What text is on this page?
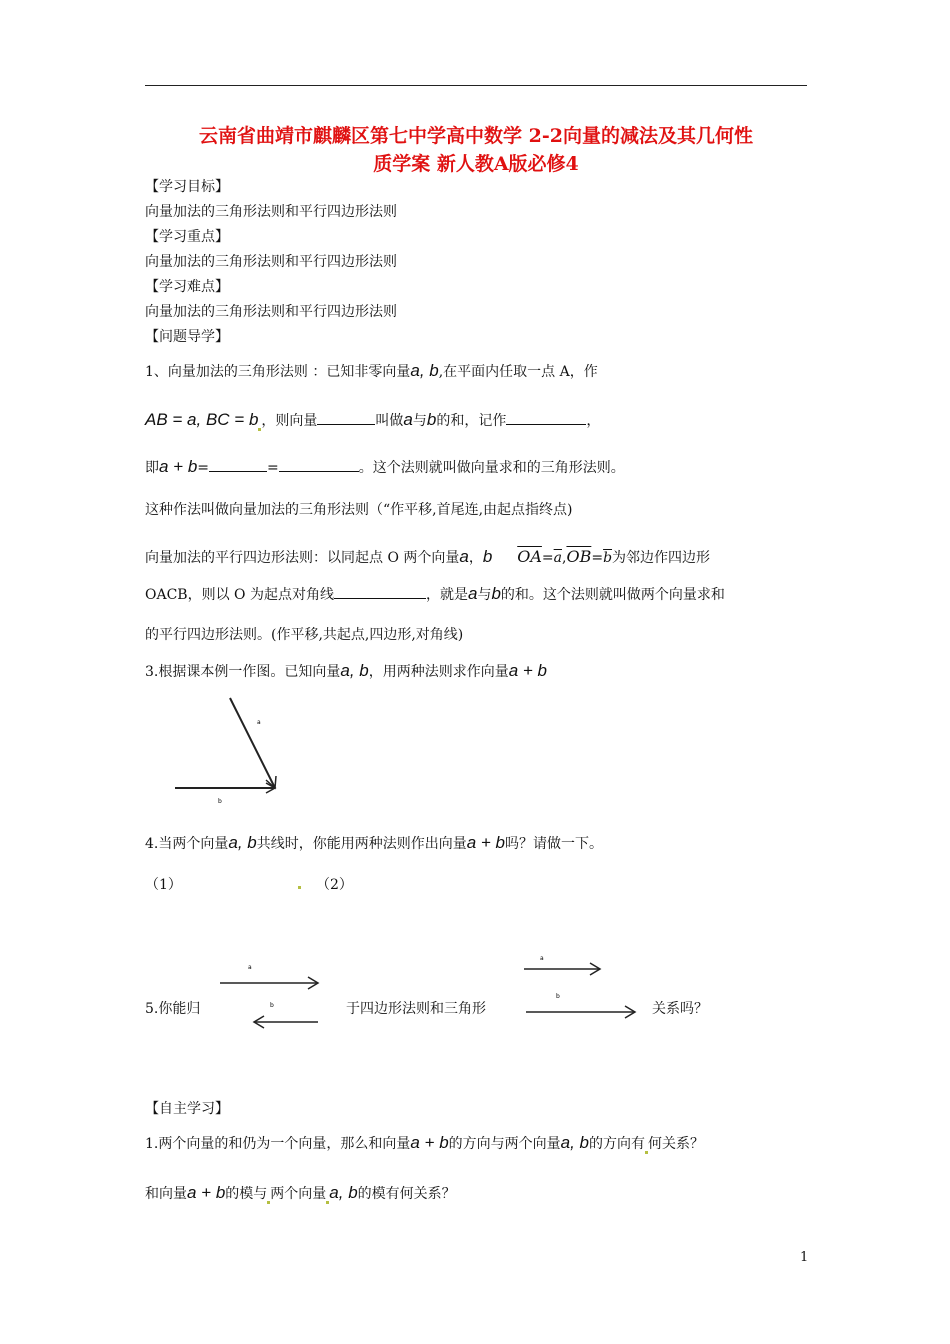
云南省曲靖市麒麟区第七中学高中数学 2-2向量的减法及其几何性
质学案 新人教A版必修4
【学习目标】
向量加法的三角形法则和平行四边形法则
【学习重点】
向量加法的三角形法则和平行四边形法则
【学习难点】
向量加法的三角形法则和平行四边形法则
【问题导学】
1、向量加法的三角形法则 ：已知非零向量a, b,在平面内任取一点 A，作
AB = a, BC = b ，则向量	叫做a与b的和，记作	，
即a + b=	=	。这个法则就叫做向量求和的三角形法则。
这种作法叫做向量加法的三角形法则（“作平移,首尾连,由起点指终点)
向量加法的平行四边形法则：以同起点 O 两个向量a，b $\overline{OA}=\overline{a},\overline{OB}=\overline{b}$为邻边作四边形
OACB，则以 O 为起点对角线	，就是a与b的和。这个法则就叫做两个向量求和
的平行四边形法则。(作平移,共起点,四边形,对角线)
3.根据课本例一作图。已知向量a, b，用两种法则求作向量a + b
a
b
4.当两个向量a, b共线时，你能用两种法则作出向量a + b吗？请做一下。
（1）	（2）
5.你能归	于四边形法则和三角形	关系吗？
a
b
a
b
【自主学习】
1.两个向量的和仍为一个向量，那么和向量a + b的方向与两个向量a, b的方向有 何关系？
和向量a + b的模与 两个向量 a, b的模有何关系？
1
